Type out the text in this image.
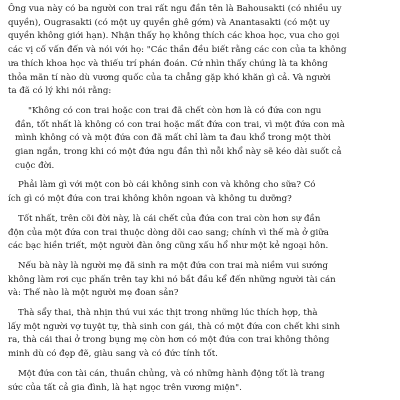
Ông vua này có ba người con trai rất ngu đần tên là Bahousakti (có nhiều uy
quyền), Ougrasakti (có một uy quyền ghê gớm) và Anantasakti (có một uy
quyền không giới hạn). Nhận thấy họ không thích các khoa học, vua cho gọi
các vị cố vấn đến và nói với họ: "Các thần đều biết rằng các con của ta không
ưa thích khoa học và thiếu trí phán đoán. Cứ nhìn thấy chúng là ta không
thỏa mãn tí nào dù vương quốc của ta chẳng gặp khó khăn gì cả. Và người
ta đã có lý khi nói rằng:

"Không có con trai hoặc con trai đã chết còn hơn là có đứa con ngu
đần, tốt nhất là không có con trai hoặc mất đứa con trai, vì một đứa con mà
mình không có và một đứa con đã mất chỉ làm ta đau khổ trong một thời
gian ngắn, trong khi có một đứa ngu đần thì nỗi khổ này sẽ kéo dài suốt cả
cuộc đời.

Phải làm gì với một con bò cái không sinh con và không cho sữa? Có
ích gì có một đứa con trai không khôn ngoan và không tu dưỡng?

Tốt nhất, trên cõi đời này, là cái chết của đứa con trai còn hơn sự đần
độn của một đứa con trai thuộc dòng dõi cao sang; chính vì thế mà ở giữa
các bạc hiền triết, một người đàn ông cũng xấu hổ như một kẻ ngoại hôn.

Nếu bà này là người mẹ đã sinh ra một đứa con trai mà niềm vui sướng
không làm rơi cục phấn trên tay khi nó bắt đầu kể đến những người tài cán
và: Thế nào là một người mẹ đoan sản?

Thà sẩy thai, thà nhịn thú vui xác thịt trong những lúc thích hợp, thà
lấy một người vợ tuyệt tự, thà sinh con gái, thà có một đứa con chết khi sinh
ra, thà cái thai ở trong bụng mẹ còn hơn có một đứa con trai không thông
minh dù có đẹp đẽ, giàu sang và có đức tính tốt.

Một đứa con tài cán, thuần chủng, và có những hành động tốt là trang
sức của tất cả gia đình, là hạt ngọc trên vương miện".
